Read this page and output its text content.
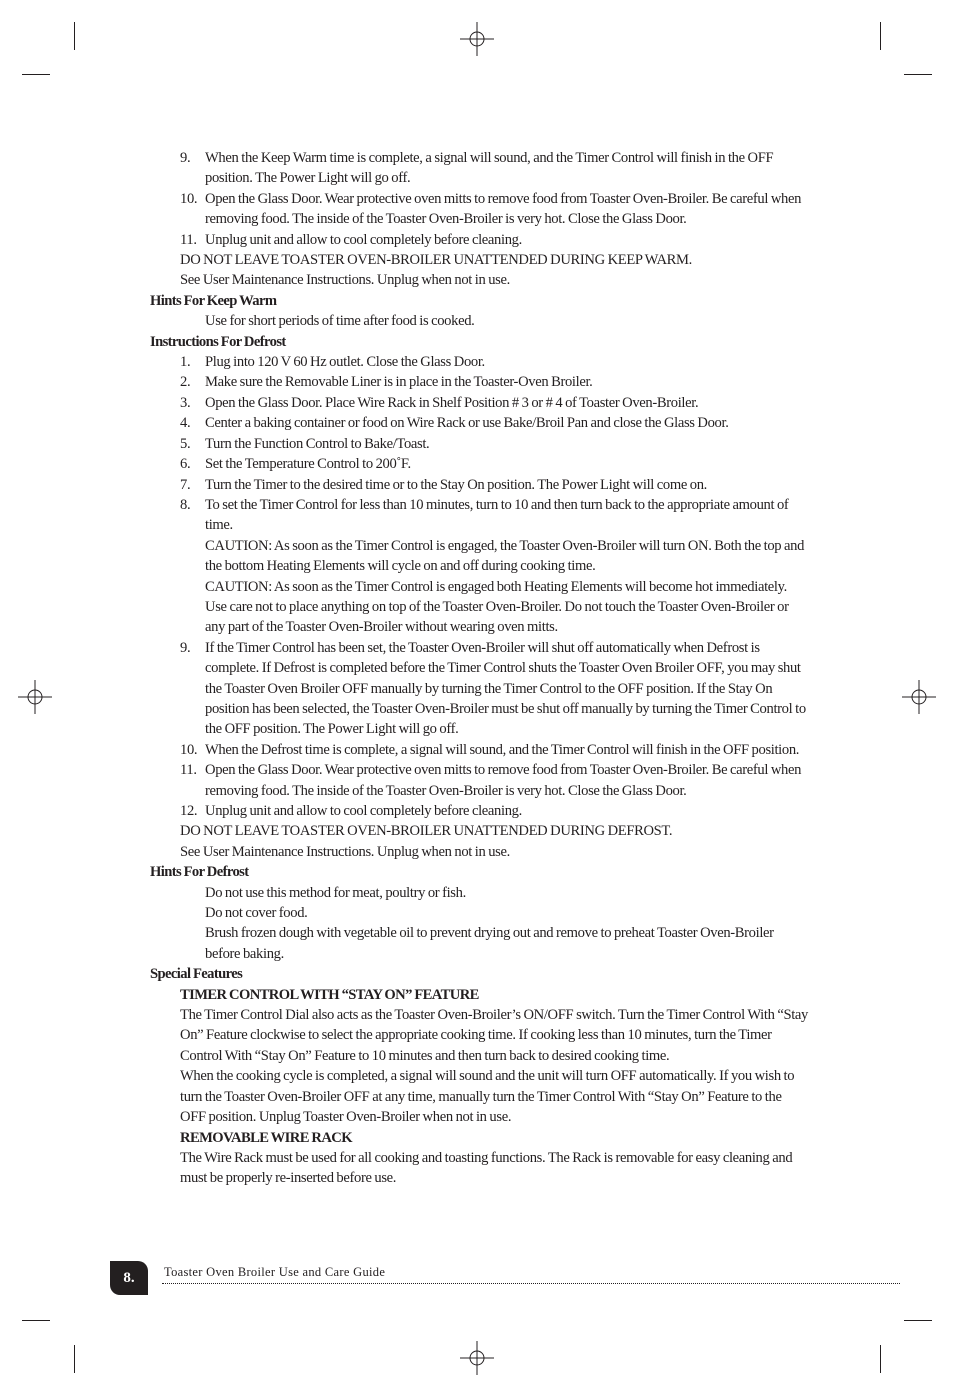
9. When the Keep Warm time is complete, a signal will sound, and the Timer Control will finish in the OFF position. The Power Light will go off.
10. Open the Glass Door. Wear protective oven mitts to remove food from Toaster Oven-Broiler. Be careful when removing food. The inside of the Toaster Oven-Broiler is very hot. Close the Glass Door.
11. Unplug unit and allow to cool completely before cleaning.
DO NOT LEAVE TOASTER OVEN-BROILER UNATTENDED DURING KEEP WARM.
See User Maintenance Instructions. Unplug when not in use.
Hints For Keep Warm
Use for short periods of time after food is cooked.
Instructions For Defrost
1. Plug into 120 V 60 Hz outlet. Close the Glass Door.
2. Make sure the Removable Liner is in place in the Toaster-Oven Broiler.
3. Open the Glass Door. Place Wire Rack in Shelf Position # 3 or # 4 of Toaster Oven-Broiler.
4. Center a baking container or food on Wire Rack or use Bake/Broil Pan and close the Glass Door.
5. Turn the Function Control to Bake/Toast.
6. Set the Temperature Control to 200˚F.
7. Turn the Timer to the desired time or to the Stay On position. The Power Light will come on.
8. To set the Timer Control for less than 10 minutes, turn to 10 and then turn back to the appropriate amount of time.
CAUTION: As soon as the Timer Control is engaged, the Toaster Oven-Broiler will turn ON. Both the top and the bottom Heating Elements will cycle on and off during cooking time.
CAUTION: As soon as the Timer Control is engaged both Heating Elements will become hot immediately. Use care not to place anything on top of the Toaster Oven-Broiler. Do not touch the Toaster Oven-Broiler or any part of the Toaster Oven-Broiler without wearing oven mitts.
9. If the Timer Control has been set, the Toaster Oven-Broiler will shut off automatically when Defrost is complete. If Defrost is completed before the Timer Control shuts the Toaster Oven Broiler OFF, you may shut the Toaster Oven Broiler OFF manually by turning the Timer Control to the OFF position. If the Stay On position has been selected, the Toaster Oven-Broiler must be shut off manually by turning the Timer Control to the OFF position. The Power Light will go off.
10. When the Defrost time is complete, a signal will sound, and the Timer Control will finish in the OFF position.
11. Open the Glass Door. Wear protective oven mitts to remove food from Toaster Oven-Broiler. Be careful when removing food. The inside of the Toaster Oven-Broiler is very hot. Close the Glass Door.
12. Unplug unit and allow to cool completely before cleaning.
DO NOT LEAVE TOASTER OVEN-BROILER UNATTENDED DURING DEFROST.
See User Maintenance Instructions. Unplug when not in use.
Hints For Defrost
Do not use this method for meat, poultry or fish.
Do not cover food.
Brush frozen dough with vegetable oil to prevent drying out and remove to preheat Toaster Oven-Broiler before baking.
Special Features
TIMER CONTROL WITH “STAY ON” FEATURE
The Timer Control Dial also acts as the Toaster Oven-Broiler’s ON/OFF switch. Turn the Timer Control With “Stay On” Feature clockwise to select the appropriate cooking time. If cooking less than 10 minutes, turn the Timer Control With “Stay On” Feature to 10 minutes and then turn back to desired cooking time.
When the cooking cycle is completed, a signal will sound and the unit will turn OFF automatically. If you wish to turn the Toaster Oven-Broiler OFF at any time, manually turn the Timer Control With “Stay On” Feature to the OFF position. Unplug Toaster Oven-Broiler when not in use.
REMOVABLE WIRE RACK
The Wire Rack must be used for all cooking and toasting functions. The Rack is removable for easy cleaning and must be properly re-inserted before use.
8.	Toaster Oven Broiler Use and Care Guide
